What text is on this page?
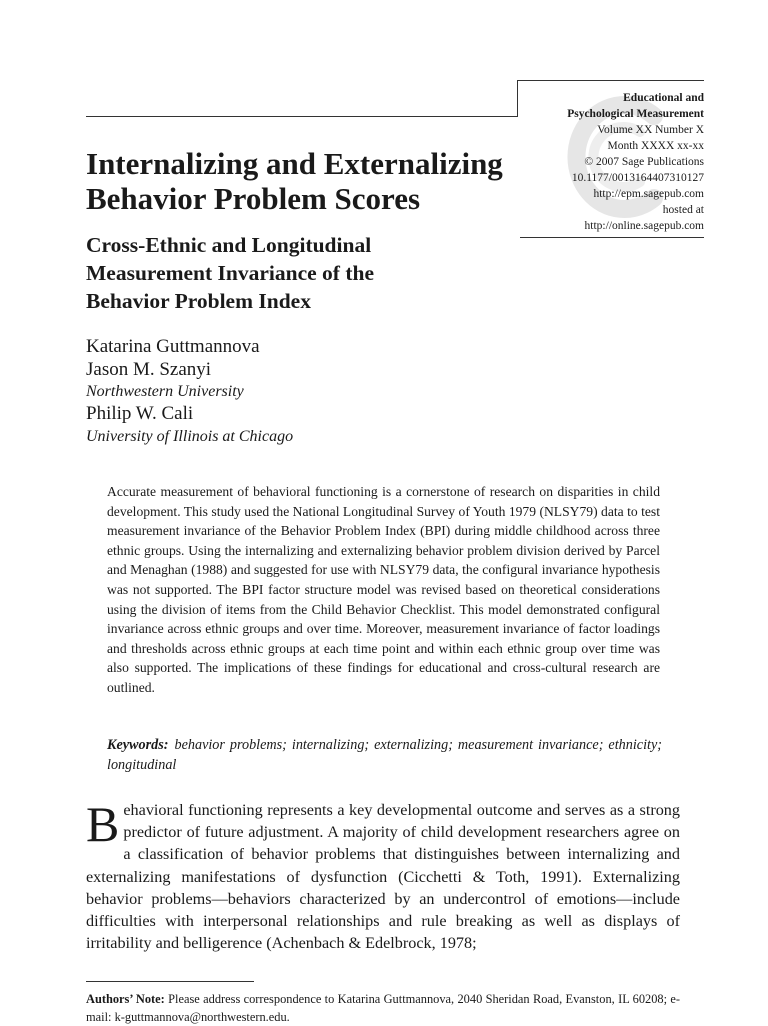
Educational and
Psychological Measurement
Volume XX Number X
Month XXXX xx-xx
© 2007 Sage Publications
10.1177/0013164407310127
http://epm.sagepub.com
hosted at
http://online.sagepub.com
Internalizing and Externalizing
Behavior Problem Scores
Cross-Ethnic and Longitudinal
Measurement Invariance of the
Behavior Problem Index
Katarina Guttmannova
Jason M. Szanyi
Northwestern University
Philip W. Cali
University of Illinois at Chicago
Accurate measurement of behavioral functioning is a cornerstone of research on disparities in child development. This study used the National Longitudinal Survey of Youth 1979 (NLSY79) data to test measurement invariance of the Behavior Problem Index (BPI) during middle childhood across three ethnic groups. Using the internalizing and externalizing behavior problem division derived by Parcel and Menaghan (1988) and suggested for use with NLSY79 data, the configural invariance hypothesis was not supported. The BPI factor structure model was revised based on theoretical considerations using the division of items from the Child Behavior Checklist. This model demonstrated configural invariance across ethnic groups and over time. Moreover, measurement invariance of factor loadings and thresholds across ethnic groups at each time point and within each ethnic group over time was also supported. The implications of these findings for educational and cross-cultural research are outlined.
Keywords: behavior problems; internalizing; externalizing; measurement invariance; ethnicity; longitudinal
Behavioral functioning represents a key developmental outcome and serves as a strong predictor of future adjustment. A majority of child development researchers agree on a classification of behavior problems that distinguishes between internalizing and externalizing manifestations of dysfunction (Cicchetti & Toth, 1991). Externalizing behavior problems—behaviors characterized by an undercontrol of emotions—include difficulties with interpersonal relationships and rule breaking as well as displays of irritability and belligerence (Achenbach & Edelbrock, 1978;
Authors’ Note: Please address correspondence to Katarina Guttmannova, 2040 Sheridan Road, Evanston, IL 60208; e-mail: k-guttmannova@northwestern.edu.
